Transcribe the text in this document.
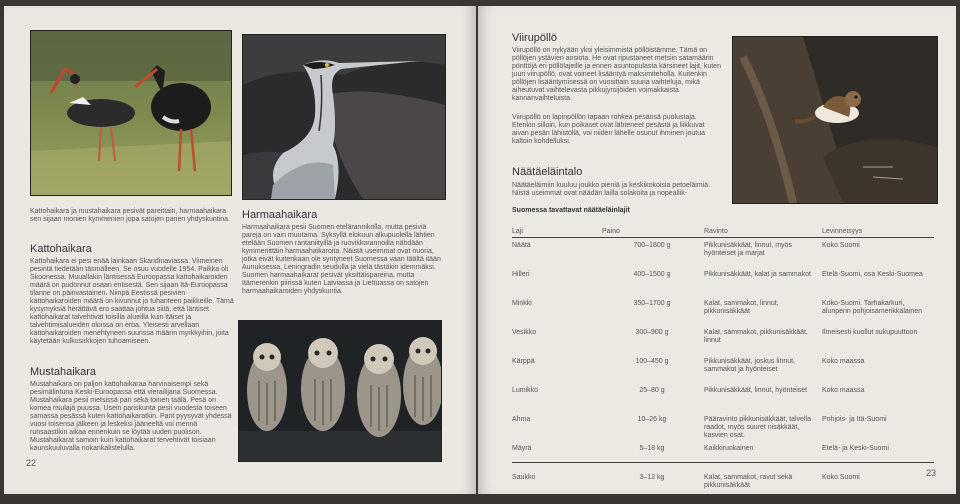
Kattohaikara ja mustahaikara pesivät pareittain, harmaahaikara sen sijaan monien kymmenien jopa satojen parien yhdyskuntina.

Kattohaikara

Kattohaikara ei pesi enää lainkaan Skandinaviassa. Viimeinen pesintä tiedetään täsmälleen. Se osuu vuodelle 1954. Paikka oli Skoonessa. Muuallakin läntisessä Euroopassa kattohaikaroiden määrä on pudonnut osaan entisestä. Sen sijaan Itä-Euroopassa tilanne on päinvastainen. Niinpä Eestissä pesivien kattohaikaroiden määrä on kivunnut jo tuhanteen paikkeille. Tämä kysymyksiä herättävä ero saattaa johtua siitä, että läntiset kattohaikarat talvehtivat toisilla alueilla kuin itäiset ja talvehtimisalueiden oloissa on eroa. Yleisesti arvellaan kattohaikaroiden menehtyneen suurissa määrin myrkkyihin, joita käytetään kulkusirkkojen tuhoamiseen.

Mustahaikara

Mustahaikara on paljon kattohaikaraa harvinaisempi sekä pesimälintuna Keski-Euroopassa että vierailijana Suomessa. Mustahaikara pesii metsissä pari sekä toinen taälä. Pesä on komea risulajä puussa. Usein pariskunta pesii vuodesta toiseen samassa pesässä kuten kattohaikaratkin. Pant pyysyvät yhdessä vuosi toisensa jälkeen ja leskeksi jääneeltä voi mennä runsaastikin aikaa ennenkuin se löytää uuden puolison. Mustahaikarat samoin kuin kattohaikarat tervehtivät toisiaan kaunskuuluvalla nokankalistelulla.

Harmaahaikara

Harmaahaikara pesii Suomen etelärannikolla, mutta pesiviä pareja on vain muutama. Syksyllä elokuun alkupuolella lähtien etelään Suomen rantaniityillä ja ruovikkorannoilla nähdään kymmenittäin harmaahaikaroita. Näistä useimmat ovat nuoria, jotka eivät kuitenkaan ole syntyneet Suomessa vaan täältä itään Aunuksessa, Leningradin seudulla ja vielä tästäkin idemmäksi. Suomen harmaahaikarat pesivät yksittäispareina, mutta Itämerenkin piirissä kuten Latviassa ja Liettuassa on satojen harmaahaikaroiden yhdyskuntia.

22
Viirupöllö

Viirupöllö on nykyään yksi yleisimmistä pöllöistämme. Tämä on pöllöjen ystävien ansiota. He ovat ripustaneet metsiin satamäärin pönttöjä eri pöllölajeille ja ennen asuntopulasta kärsineet lajit, kuten juuri viirupöllö, ovat voineet lisääntyä maksimiteholla. Kuitenkin pöllöjen lisääntymisessä on vuosittain suuria vaihteluja, mikä aiheutuvat vaihtelevasta pikkujyrsijöiden voimakkaista kannanvaihteluista.

Viirupöllö on lapinpöllön tapaan rohkea pesänsä puolustaja. Etenkin silloin, kun poikaset ovat lähteneet pesästä ja liikkuvat aivan pesän lähistöllä, voi niiden lähelle osunut ihminen joutua kaltoin kohdelluksi.

Näätäeläintalo

Näätäeläimiin kuuluu joukko pieniä ja keskikokoisia petoeläimiä. Niistä useimmat ovat näädän lailla solakoita ja nopealiik-

Suomessa tavattavat näätäeläinlajit
Laji	Paino	Ravinto	Levinneisyys
Näätä	700–1800 g	Pikkunisäkkäät, linnut, myös hyönteiset ja marjat	Koko Suomi
Hilleri	400–1500 g	Pikkunisäkkäät, kalat ja sammakot	Etelä-Suomi, osa Keski-Suomea
Minkki	350–1700 g	Kalat, sammakot, linnut, pikkunisäkkäät	Koko-Suomi. Tarhakarkuri, alunperin pohjoisamerikkalainen
Vesikko	300–900 g	Kalat, sammakot, pikkunisäkkäät, linnut	Ilmeisesti kuollut sukupuuttoon
Kärppä	100–450 g	Pikkunisäkkäät, joskus linnut, sammakot ja hyönteiset	Koko maassa
Lumikko	25–80 g	Pikkunisäkkäät, linnut, hyönteiset	Koko maassa
Ahma	10–26 kg	Pääravinto pikkunisäkkäät, talvella raadot, myös suuret nisäkkäät, kasvien osat.	Pohjois- ja Itä-Suomi
Mäyrä	5–18 kg	Kaikkiruokainen	Etelä- ja Keski-Suomi
Saukko	3–12 kg	Kalat, sammakot, ravut sekä pikkunisäkkäät	Koko Suomi	23
